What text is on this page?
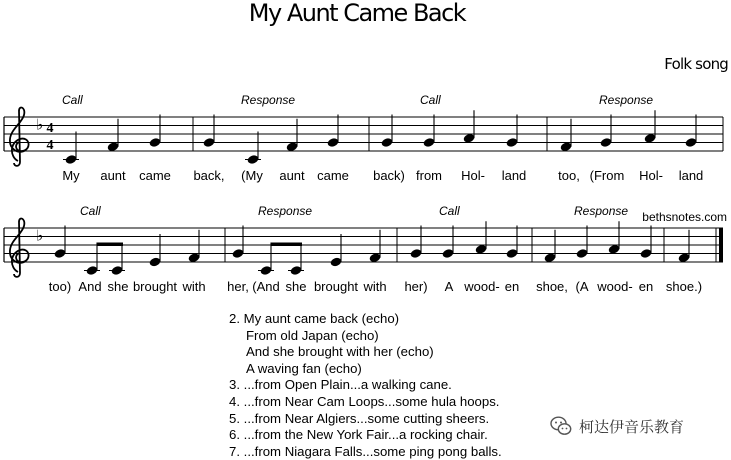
My Aunt Came Back
Folk song
bethsnotes.com
♭ 4
4
Call	Response	Call	Response
My aunt came back, (My aunt came back) from Hol- land too, (From Hol- land
♭
Call	Response	Call	Response
too) And she brought with her, (And she brought with her) A wood- en shoe, (A wood- en shoe.)
2. My aunt came back (echo)
From old Japan (echo)
And she brought with her (echo)
A waving fan (echo)
3. ...from Open Plain...a walking cane.
4. ...from Near Cam Loops...some hula hoops.
5. ...from Near Algiers...some cutting sheers.
6. ...from the New York Fair...a rocking chair.
7. ...from Niagara Falls...some ping pong balls.
柯达伊音乐教育
